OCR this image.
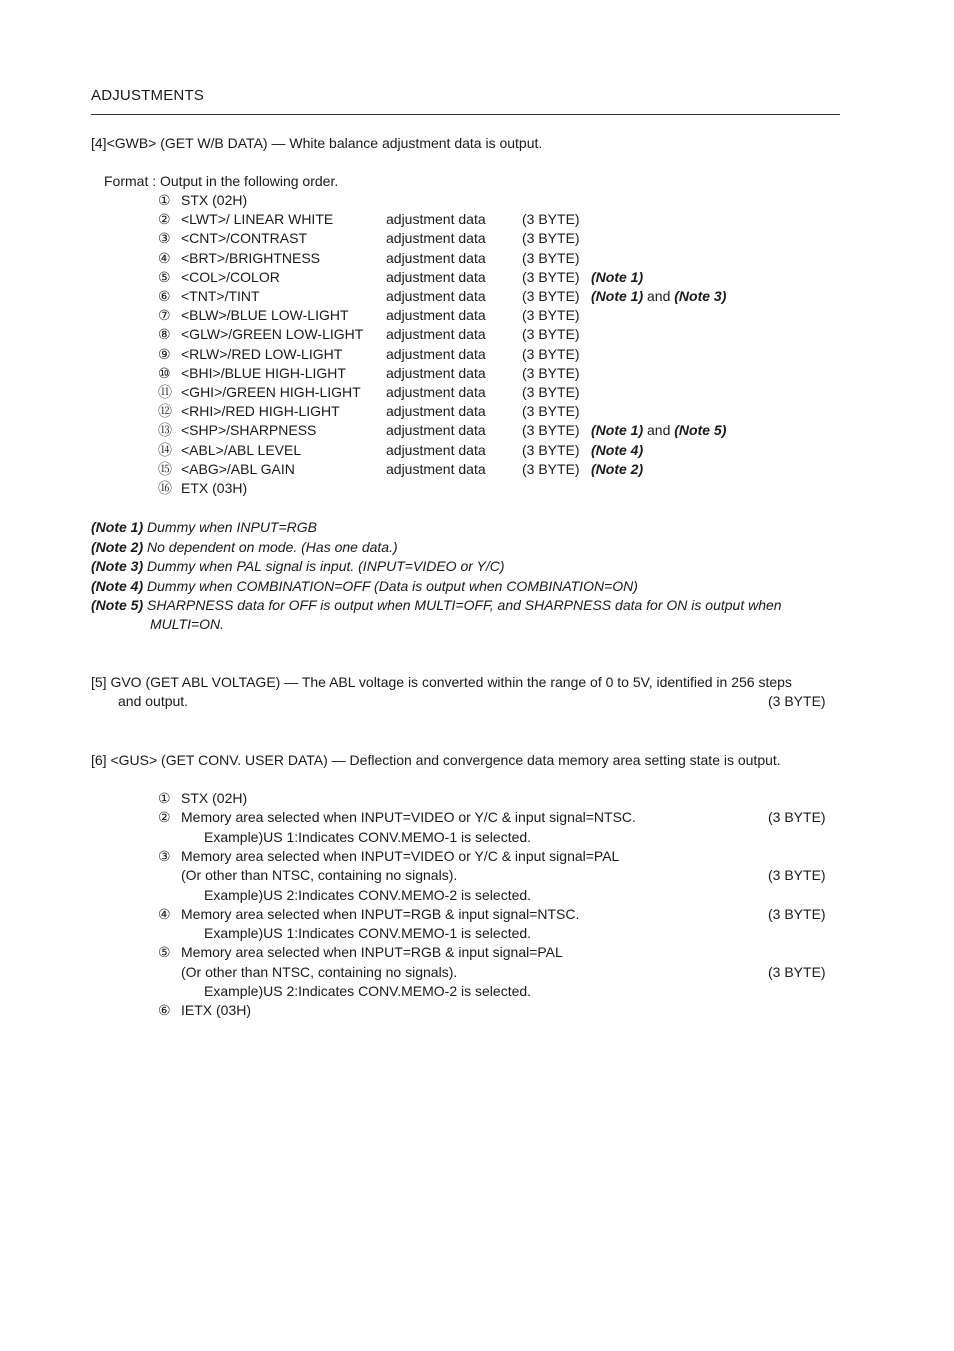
ADJUSTMENTS
[4]<GWB> (GET W/B DATA) — White balance adjustment data is output.
Format : Output in the following order.
① STX (02H)
② <LWT>/ LINEAR WHITE	adjustment data	(3 BYTE)
③ <CNT>/CONTRAST	adjustment data	(3 BYTE)
④ <BRT>/BRIGHTNESS	adjustment data	(3 BYTE)
⑤ <COL>/COLOR	adjustment data	(3 BYTE) (Note 1)
⑥ <TNT>/TINT	adjustment data	(3 BYTE) (Note 1) and (Note 3)
⑦ <BLW>/BLUE LOW-LIGHT	adjustment data	(3 BYTE)
⑧ <GLW>/GREEN LOW-LIGHT adjustment data	(3 BYTE)
⑨ <RLW>/RED LOW-LIGHT	adjustment data	(3 BYTE)
⑩ <BHI>/BLUE HIGH-LIGHT	adjustment data	(3 BYTE)
⑪ <GHI>/GREEN HIGH-LIGHT adjustment data	(3 BYTE)
⑫ <RHI>/RED HIGH-LIGHT	adjustment data	(3 BYTE)
⑬ <SHP>/SHARPNESS	adjustment data	(3 BYTE) (Note 1) and (Note 5)
⑭ <ABL>/ABL LEVEL	adjustment data	(3 BYTE) (Note 4)
⑮ <ABG>/ABL GAIN	adjustment data	(3 BYTE) (Note 2)
⑯ ETX (03H)
(Note 1) Dummy when INPUT=RGB
(Note 2) No dependent on mode. (Has one data.)
(Note 3) Dummy when PAL signal is input. (INPUT=VIDEO or Y/C)
(Note 4) Dummy when COMBINATION=OFF (Data is output when COMBINATION=ON)
(Note 5) SHARPNESS data for OFF is output when MULTI=OFF, and SHARPNESS data for ON is output when
MULTI=ON.
[5] GVO (GET ABL VOLTAGE) — The ABL voltage is converted within the range of 0 to 5V, identified in 256 steps
and output.	(3 BYTE)
[6] <GUS> (GET CONV. USER DATA) — Deflection and convergence data memory area setting state is output.
① STX (02H)
② Memory area selected when INPUT=VIDEO or Y/C & input signal=NTSC.	(3 BYTE)
Example)US 1:Indicates CONV.MEMO-1 is selected.
③ Memory area selected when INPUT=VIDEO or Y/C & input signal=PAL
(Or other than NTSC, containing no signals).	(3 BYTE)
Example)US 2:Indicates CONV.MEMO-2 is selected.
④ Memory area selected when INPUT=RGB & input signal=NTSC.	(3 BYTE)
Example)US 1:Indicates CONV.MEMO-1 is selected.
⑤ Memory area selected when INPUT=RGB & input signal=PAL
(Or other than NTSC, containing no signals).	(3 BYTE)
Example)US 2:Indicates CONV.MEMO-2 is selected.
⑥ IETX (03H)
